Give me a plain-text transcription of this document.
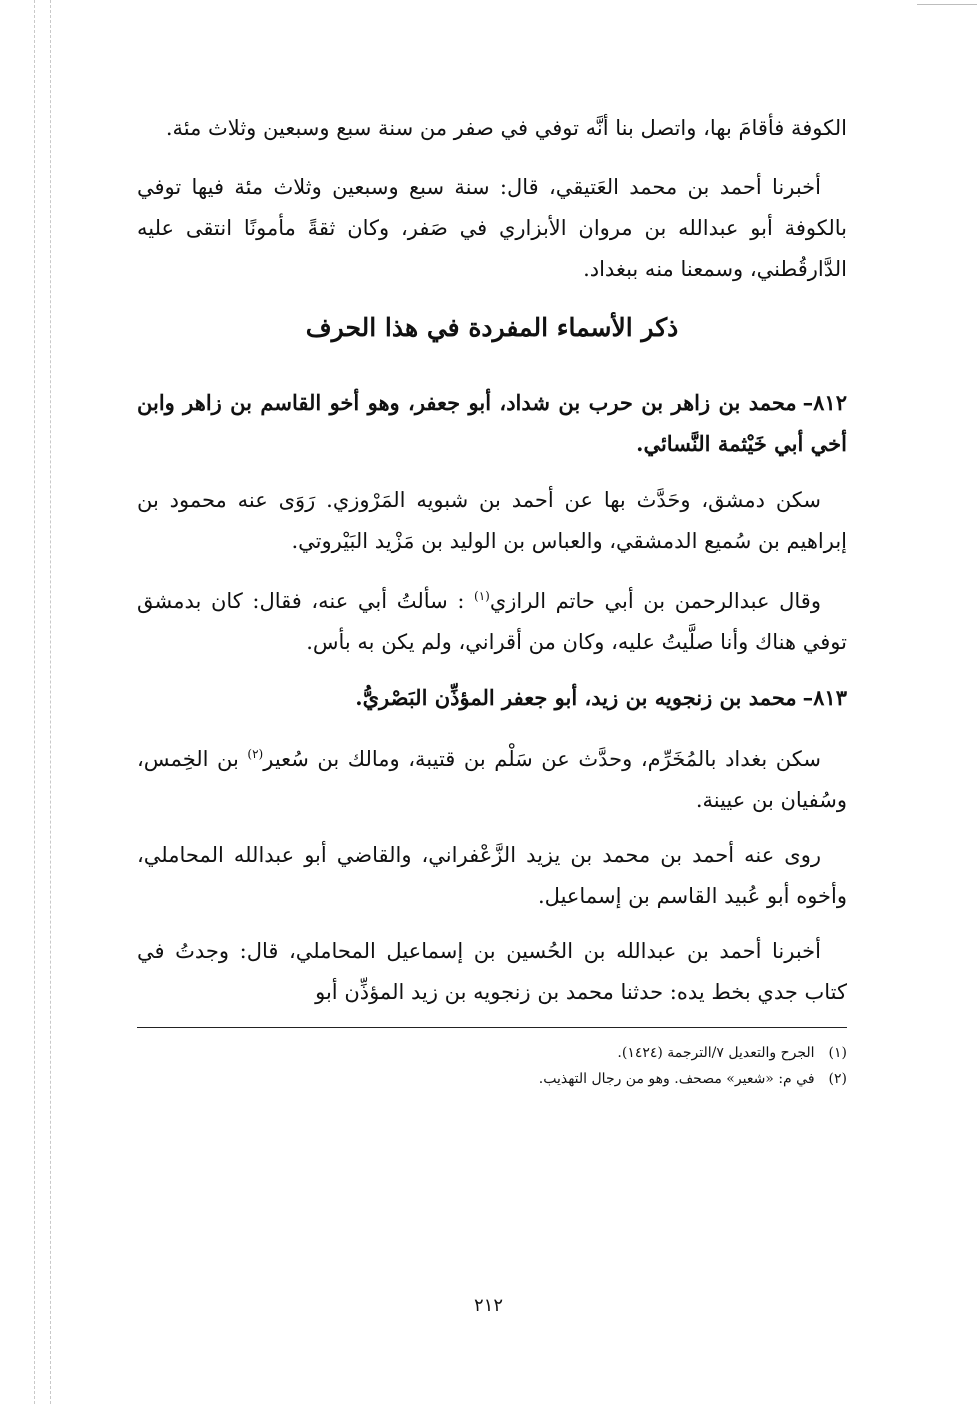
الكوفة فأقامَ بها، واتصل بنا أنَّه توفي في صفر من سنة سبع وسبعين وثلاث مئة.

أخبرنا أحمد بن محمد العَتيقي، قال: سنة سبع وسبعين وثلاث مئة فيها توفي بالكوفة أبو عبدالله بن مروان الأبزاري في صَفر، وكان ثقةً مأمونًا انتقى عليه الدَّارقُطني، وسمعنا منه ببغداد.

ذكر الأسماء المفردة في هذا الحرف

٨١٢–محمد بن زاهر بن حرب بن شداد، أبو جعفر، وهو أخو القاسم بن زاهر وابن أخي أبي خَيْثمة النَّسائي.

سكن دمشق، وحَدَّث بها عن أحمد بن شبويه المَرْوزي. رَوَى عنه محمود بن إبراهيم بن سُميع الدمشقي، والعباس بن الوليد بن مَزْيد البَيْروتي.

وقال عبدالرحمن بن أبي حاتم الرازي$^{(١)}$ : سألتُ أبي عنه، فقال: كان بدمشق توفي هناك وأنا صلَّيتُ عليه، وكان من أقراني، ولم يكن به بأس.

٨١٣–محمد بن زنجويه بن زيد، أبو جعفر المؤذِّن البَصْريُّ.

سكن بغداد بالمُخَرِّم، وحدَّث عن سَلْم بن قتيبة، ومالك بن سُعير$^{(٢)}$ بن الخِمس، وسُفيان بن عيينة.

روى عنه أحمد بن محمد بن يزيد الزَّعْفراني، والقاضي أبو عبدالله المحاملي، وأخوه أبو عُبيد القاسم بن إسماعيل.

أخبرنا أحمد بن عبدالله بن الحُسين بن إسماعيل المحاملي، قال: وجدتُ في كتاب جدي بخط يده: حدثنا محمد بن زنجويه بن زيد المؤذِّن أبو

(١)الجرح والتعديل ٧/الترجمة (١٤٢٤).
(٢)في م: «شعير» مصحف. وهو من رجال التهذيب.
٢١٢
